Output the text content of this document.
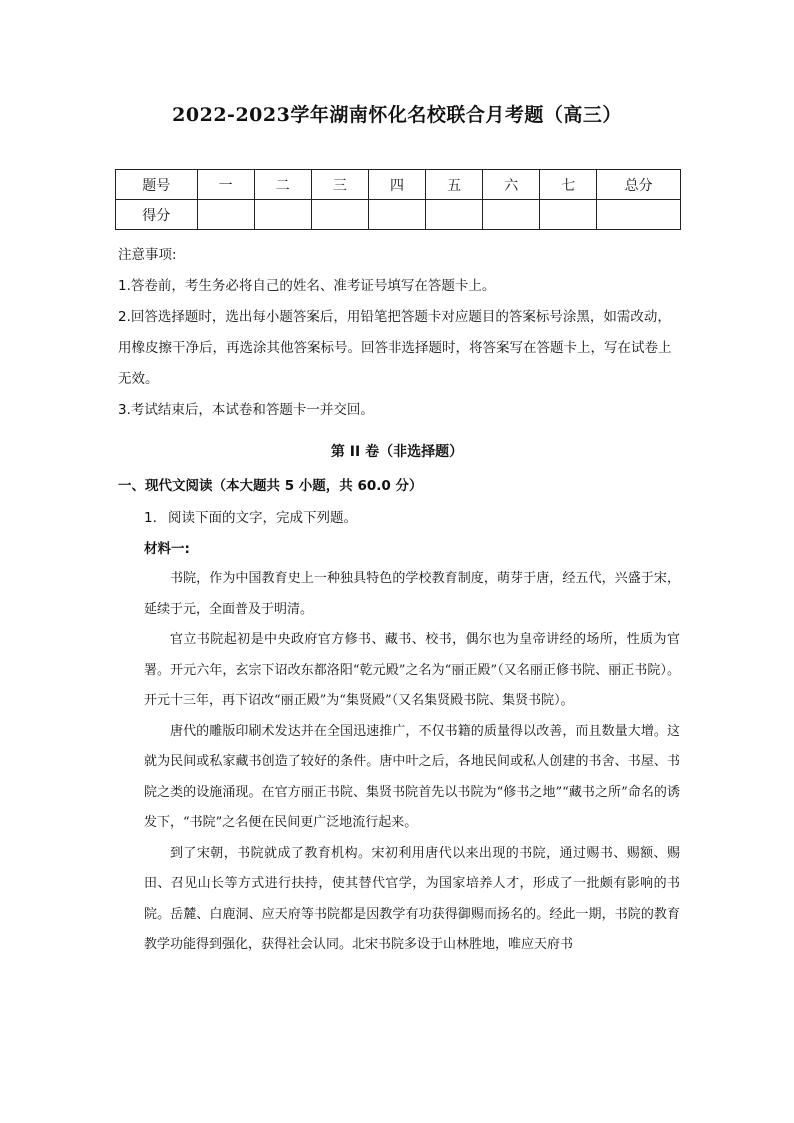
2022-2023学年湖南怀化名校联合月考题（高三）
题号	一	二	三	四	五	六	七	总分
得分								

注意事项:

1.答卷前，考生务必将自己的姓名、准考证号填写在答题卡上。

2.回答选择题时，选出每小题答案后，用铅笔把答题卡对应题目的答案标号涂黑，如需改动，用橡皮擦干净后，再选涂其他答案标号。回答非选择题时，将答案写在答题卡上，写在试卷上无效。

3.考试结束后，本试卷和答题卡一并交回。

第 II 卷（非选择题）
一、现代文阅读（本大题共 5 小题，共 60.0 分）
1. 阅读下面的文字，完成下列题。
材料一:

书院，作为中国教育史上一种独具特色的学校教育制度，萌芽于唐，经五代，兴盛于宋，延续于元，全面普及于明清。

官立书院起初是中央政府官方修书、藏书、校书，偶尔也为皇帝讲经的场所，性质为官署。开元六年，玄宗下诏改东都洛阳“乾元殿”之名为“丽正殿”（又名丽正修书院、丽正书院）。开元十三年，再下诏改“丽正殿”为“集贤殿”（又名集贤殿书院、集贤书院）。

唐代的雕版印刷术发达并在全国迅速推广，不仅书籍的质量得以改善，而且数量大增。这就为民间或私家藏书创造了较好的条件。唐中叶之后，各地民间或私人创建的书舍、书屋、书院之类的设施涌现。在官方丽正书院、集贤书院首先以书院为“修书之地”“藏书之所”命名的诱发下，“书院”之名便在民间更广泛地流行起来。

到了宋朝，书院就成了教育机构。宋初利用唐代以来出现的书院，通过赐书、赐额、赐田、召见山长等方式进行扶持，使其替代官学，为国家培养人才，形成了一批颇有影响的书院。岳麓、白鹿洞、应天府等书院都是因教学有功获得御赐而扬名的。经此一期，书院的教育教学功能得到强化，获得社会认同。北宋书院多设于山林胜地，唯应天府书
